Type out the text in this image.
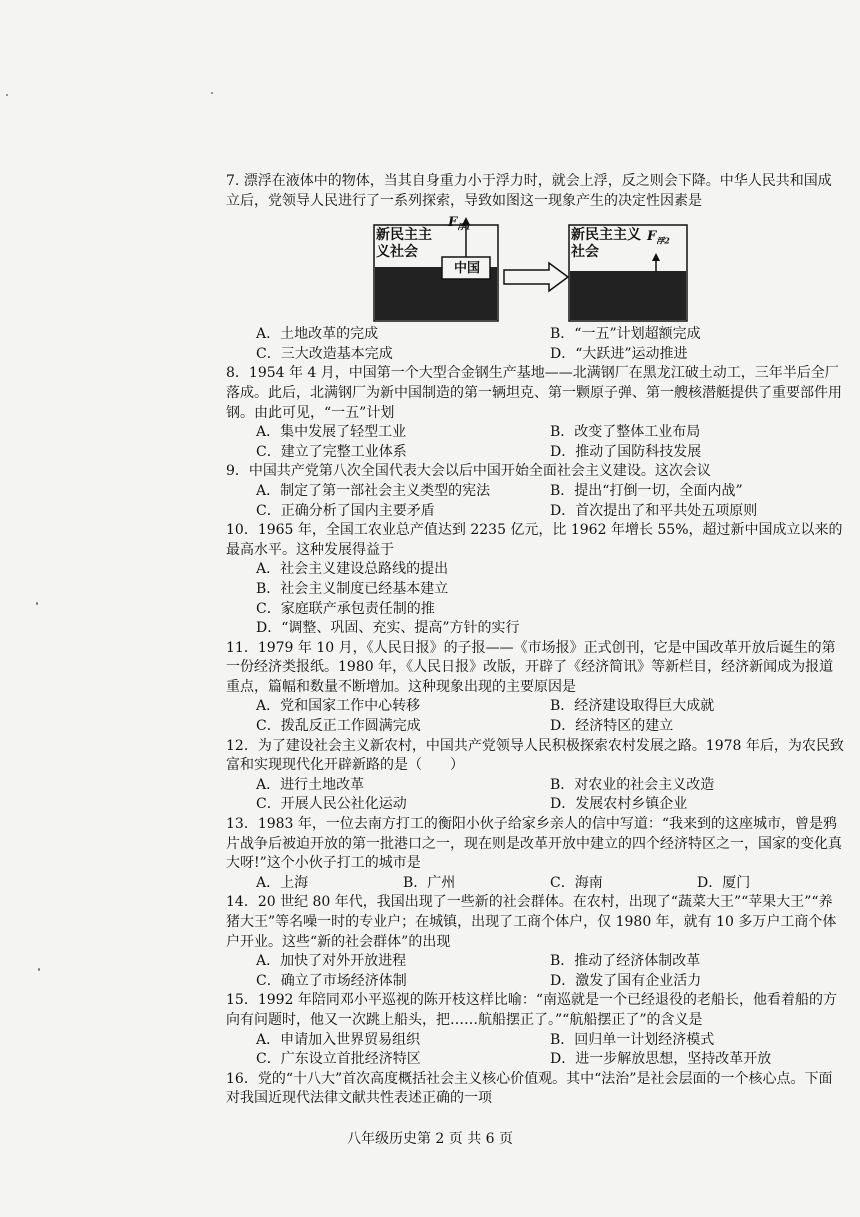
7. 漂浮在液体中的物体，当其自身重力小于浮力时，就会上浮，反之则会下降。中华人民共和国成立后，党领导人民进行了一系列探索，导致如图这一现象产生的决定性因素是
新民主主义社会
$F_{浮1}$
中国
新民主主义社会
$F_{浮2}$
A．土地改革的完成	B．“一五”计划超额完成
C．三大改造基本完成	D．“大跃进”运动推进
8．1954 年 4 月，中国第一个大型合金钢生产基地——北满钢厂在黑龙江破土动工，三年半后全厂落成。此后，北满钢厂为新中国制造的第一辆坦克、第一颗原子弹、第一艘核潜艇提供了重要部件用钢。由此可见，“一五”计划
A．集中发展了轻型工业	B．改变了整体工业布局
C．建立了完整工业体系	D．推动了国防科技发展
9．中国共产党第八次全国代表大会以后中国开始全面社会主义建设。这次会议
A．制定了第一部社会主义类型的宪法	B．提出“打倒一切，全面内战”
C．正确分析了国内主要矛盾	D．首次提出了和平共处五项原则
10．1965 年，全国工农业总产值达到 2235 亿元，比 1962 年增长 55%，超过新中国成立以来的最高水平。这种发展得益于
A．社会主义建设总路线的提出
B．社会主义制度已经基本建立
C．家庭联产承包责任制的推
D．“调整、巩固、充实、提高”方针的实行
11．1979 年 10 月，《人民日报》的子报——《市场报》正式创刊，它是中国改革开放后诞生的第一份经济类报纸。1980 年，《人民日报》改版，开辟了《经济简讯》等新栏目，经济新闻成为报道重点，篇幅和数量不断增加。这种现象出现的主要原因是
A．党和国家工作中心转移	B．经济建设取得巨大成就
C．拨乱反正工作圆满完成	D．经济特区的建立
12．为了建设社会主义新农村，中国共产党领导人民积极探索农村发展之路。1978 年后，为农民致富和实现现代化开辟新路的是（　　）
A．进行土地改革	B．对农业的社会主义改造
C．开展人民公社化运动	D．发展农村乡镇企业
13．1983 年，一位去南方打工的衡阳小伙子给家乡亲人的信中写道：“我来到的这座城市，曾是鸦片战争后被迫开放的第一批港口之一，现在则是改革开放中建立的四个经济特区之一，国家的变化真大呀!”这个小伙子打工的城市是
A．上海	B．广州	C．海南	D．厦门
14．20 世纪 80 年代，我国出现了一些新的社会群体。在农村，出现了“蔬菜大王”“苹果大王”“养猪大王”等名噪一时的专业户；在城镇，出现了工商个体户，仅 1980 年，就有 10 多万户工商个体户开业。这些“新的社会群体”的出现
A．加快了对外开放进程	B．推动了经济体制改革
C．确立了市场经济体制	D．激发了国有企业活力
15．1992 年陪同邓小平巡视的陈开枝这样比喻：“南巡就是一个已经退役的老船长，他看着船的方向有问题时，他又一次跳上船头，把……航船摆正了。”“航船摆正了”的含义是
A．申请加入世界贸易组织	B．回归单一计划经济模式
C．广东设立首批经济特区	D．进一步解放思想，坚持改革开放
16．党的“十八大”首次高度概括社会主义核心价值观。其中“法治”是社会层面的一个核心点。下面对我国近现代法律文献共性表述正确的一项
八年级历史第 2 页 共 6 页
